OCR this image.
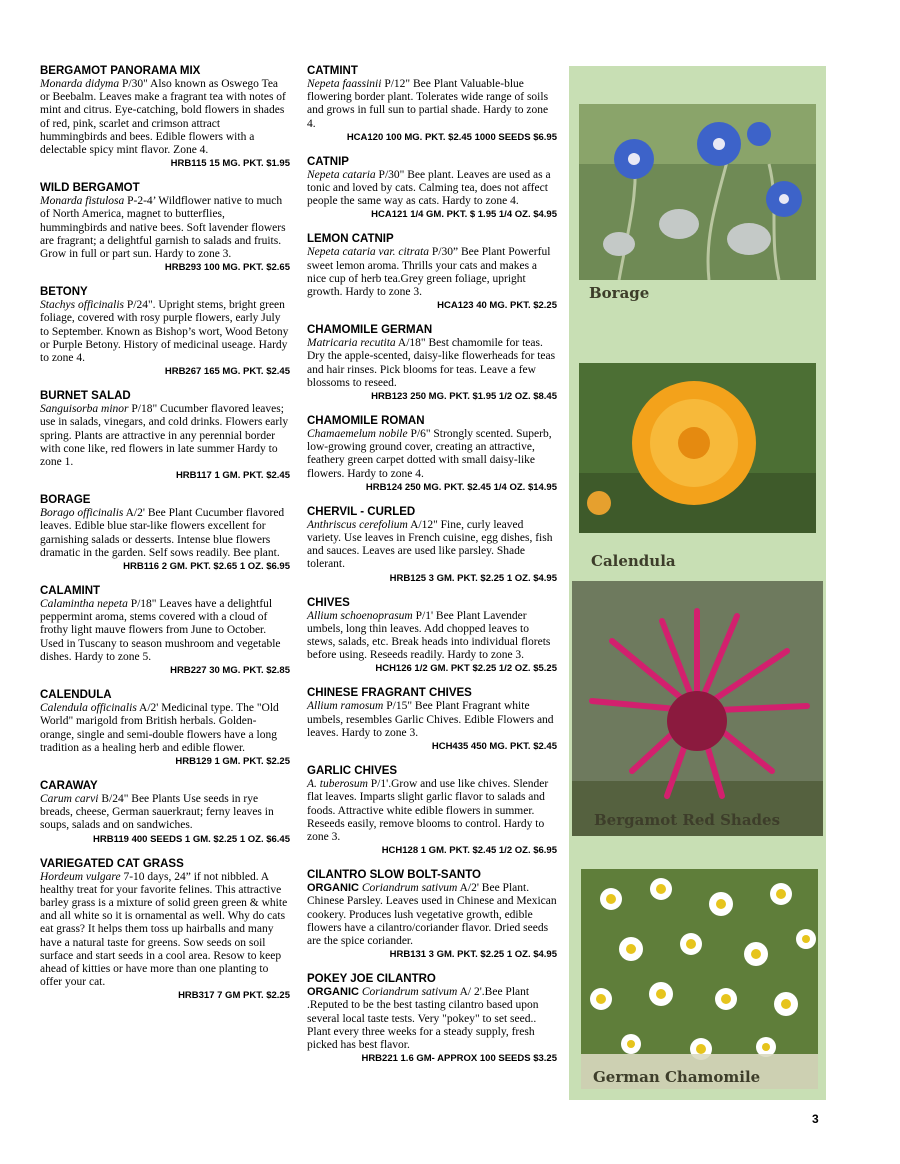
BERGAMOT PANORAMA MIX
Monarda didyma P/30" Also known as Oswego Tea or Beebalm. Leaves make a fragrant tea with notes of mint and citrus. Eye-catching, bold flowers in shades of red, pink, scarlet and crimson attract hummingbirds and bees. Edible flowers with a delectable spicy mint flavor. Zone 4.
HRB115 15 MG. PKT. $1.95
WILD BERGAMOT
Monarda fistulosa P-2-4’ Wildflower native to much of North America, magnet to butterflies, hummingbirds and native bees. Soft lavender flowers are fragrant; a delightful garnish to salads and fruits. Grow in full or part sun. Hardy to zone 3.
HRB293 100 MG. PKT. $2.65
BETONY
Stachys officinalis P/24". Upright stems, bright green foliage, covered with rosy purple flowers, early July to September. Known as Bishop’s wort, Wood Betony or Purple Betony. History of medicinal useage. Hardy to zone 4.
HRB267 165 MG. PKT. $2.45
BURNET SALAD
Sanguisorba minor P/18" Cucumber flavored leaves; use in salads, vinegars, and cold drinks. Flowers early spring. Plants are attractive in any perennial border with cone like, red flowers in late summer Hardy to zone 1.
HRB117 1 GM. PKT. $2.45
BORAGE
Borago officinalis A/2' Bee Plant Cucumber flavored leaves. Edible blue star-like flowers excellent for garnishing salads or desserts. Intense blue flowers dramatic in the garden. Self sows readily. Bee plant.
HRB116 2 GM. PKT. $2.65 1 OZ. $6.95
CALAMINT
Calamintha nepeta P/18" Leaves have a delightful peppermint aroma, stems covered with a cloud of frothy light mauve flowers from June to October. Used in Tuscany to season mushroom and vegetable dishes. Hardy to zone 5.
HRB227 30 MG. PKT. $2.85
CALENDULA
Calendula officinalis A/2' Medicinal type. The "Old World" marigold from British herbals. Golden-orange, single and semi-double flowers have a long tradition as a healing herb and edible flower.
HRB129 1 GM. PKT. $2.25
CARAWAY
Carum carvi B/24" Bee Plants Use seeds in rye breads, cheese, German sauerkraut; ferny leaves in soups, salads and on sandwiches.
HRB119 400 SEEDS 1 GM. $2.25 1 OZ. $6.45
VARIEGATED CAT GRASS
Hordeum vulgare 7-10 days, 24” if not nibbled. A healthy treat for your favorite felines. This attractive barley grass is a mixture of solid green green & white and all white so it is ornamental as well. Why do cats eat grass? It helps them toss up hairballs and many have a natural taste for greens. Sow seeds on soil surface and start seeds in a cool area. Resow to keep ahead of kitties or have more than one planting to offer your cat.
HRB317 7 GM PKT. $2.25
CATMINT
Nepeta faassinii P/12" Bee Plant Valuable-blue flowering border plant. Tolerates wide range of soils and grows in full sun to partial shade. Hardy to zone 4.
HCA120 100 MG. PKT. $2.45 1000 SEEDS $6.95
CATNIP
Nepeta cataria P/30" Bee plant. Leaves are used as a tonic and loved by cats. Calming tea, does not affect people the same way as cats. Hardy to zone 4.
HCA121 1/4 GM. PKT. $ 1.95 1/4 OZ. $4.95
LEMON CATNIP
Nepeta cataria var. citrata P/30” Bee Plant Powerful sweet lemon aroma. Thrills your cats and makes a nice cup of herb tea.Grey green foliage, upright growth. Hardy to zone 3.
HCA123 40 MG. PKT. $2.25
CHAMOMILE GERMAN
Matricaria recutita A/18" Best chamomile for teas. Dry the apple-scented, daisy-like flowerheads for teas and hair rinses. Pick blooms for teas. Leave a few blossoms to reseed.
HRB123 250 MG. PKT. $1.95 1/2 OZ. $8.45
CHAMOMILE ROMAN
Chamaemelum nobile P/6" Strongly scented. Superb, low-growing ground cover, creating an attractive, feathery green carpet dotted with small daisy-like flowers. Hardy to zone 4.
HRB124 250 MG. PKT. $2.45 1/4 OZ. $14.95
CHERVIL - CURLED
Anthriscus cerefolium A/12" Fine, curly leaved variety. Use leaves in French cuisine, egg dishes, fish and sauces. Leaves are used like parsley. Shade tolerant.
HRB125 3 GM. PKT. $2.25 1 OZ. $4.95
CHIVES
Allium schoenoprasum P/1' Bee Plant Lavender umbels, long thin leaves. Add chopped leaves to stews, salads, etc. Break heads into individual florets before using. Reseeds readily. Hardy to zone 3.
HCH126 1/2 GM. PKT $2.25 1/2 OZ. $5.25
CHINESE FRAGRANT CHIVES
Allium ramosum P/15" Bee Plant Fragrant white umbels, resembles Garlic Chives. Edible Flowers and leaves. Hardy to zone 3.
HCH435 450 MG. PKT. $2.45
GARLIC CHIVES
A. tuberosum P/1'.Grow and use like chives. Slender flat leaves. Imparts slight garlic flavor to salads and foods. Attractive white edible flowers in summer. Reseeds easily, remove blooms to control. Hardy to zone 3.
HCH128 1 GM. PKT. $2.45 1/2 OZ. $6.95
CILANTRO SLOW BOLT-SANTO
ORGANIC Coriandrum sativum A/2' Bee Plant. Chinese Parsley. Leaves used in Chinese and Mexican cookery. Produces lush vegetative growth, edible flowers have a cilantro/coriander flavor. Dried seeds are the spice coriander.
HRB131 3 GM. PKT. $2.25 1 OZ. $4.95
POKEY JOE CILANTRO
ORGANIC Coriandrum sativum A/ 2'.Bee Plant .Reputed to be the best tasting cilantro based upon several local taste tests. Very "pokey" to set seed.. Plant every three weeks for a steady supply, fresh picked has best flavor.
HRB221 1.6 GM- APPROX 100 SEEDS $3.25
Borage
Calendula
Bergamot Red Shades
German Chamomile
3
